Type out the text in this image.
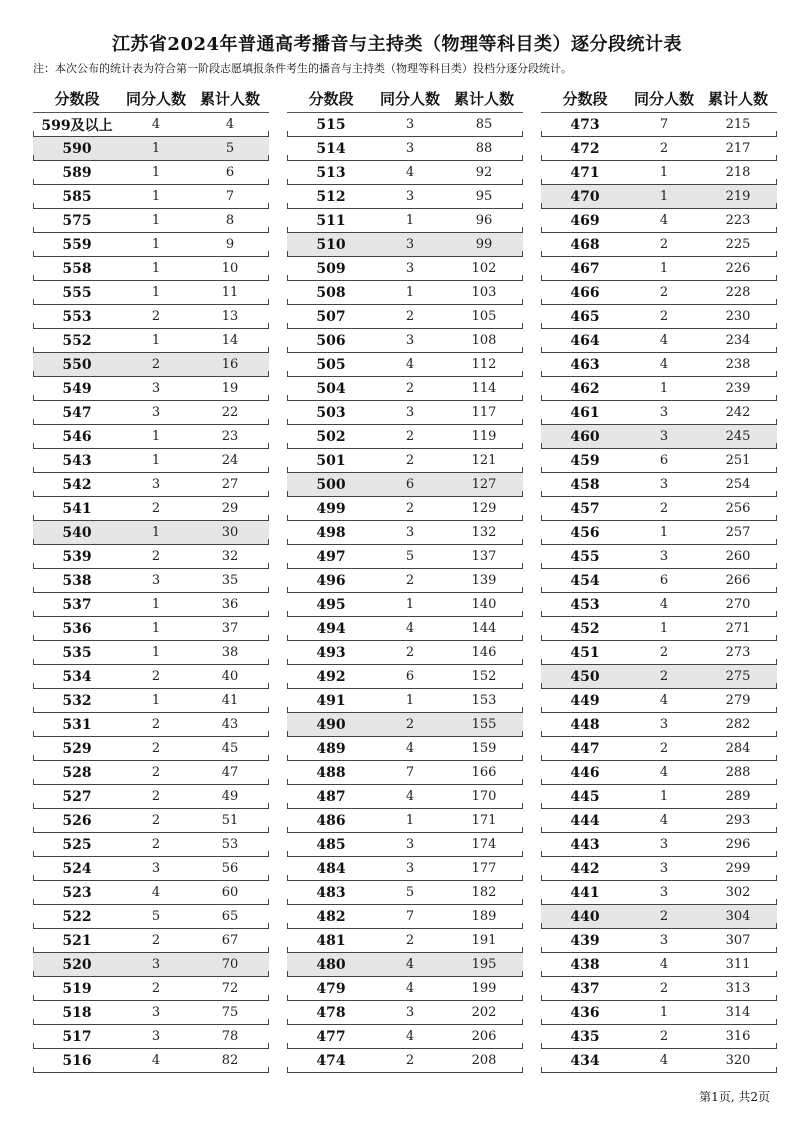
江苏省2024年普通高考播音与主持类（物理等科目类）逐分段统计表
注：本次公布的统计表为符合第一阶段志愿填报条件考生的播音与主持类（物理等科目类）投档分逐分段统计。
分数段	同分人数 累计人数
599及以上	4	4
590	1	5
589	1	6
585	1	7
575	1	8
559	1	9
558	1	10
555	1	11
553	2	13
552	1	14
550	2	16
549	3	19
547	3	22
546	1	23
543	1	24
542	3	27
541	2	29
540	1	30
539	2	32
538	3	35
537	1	36
536	1	37
535	1	38
534	2	40
532	1	41
531	2	43
529	2	45
528	2	47
527	2	49
526	2	51
525	2	53
524	3	56
523	4	60
522	5	65
521	2	67
520	3	70
519	2	72
518	3	75
517	3	78
516	4	82
分数段	同分人数 累计人数
515	3	85
514	3	88
513	4	92
512	3	95
511	1	96
510	3	99
509	3	102
508	1	103
507	2	105
506	3	108
505	4	112
504	2	114
503	3	117
502	2	119
501	2	121
500	6	127
499	2	129
498	3	132
497	5	137
496	2	139
495	1	140
494	4	144
493	2	146
492	6	152
491	1	153
490	2	155
489	4	159
488	7	166
487	4	170
486	1	171
485	3	174
484	3	177
483	5	182
482	7	189
481	2	191
480	4	195
479	4	199
478	3	202
477	4	206
474	2	208
分数段	同分人数 累计人数
473	7	215
472	2	217
471	1	218
470	1	219
469	4	223
468	2	225
467	1	226
466	2	228
465	2	230
464	4	234
463	4	238
462	1	239
461	3	242
460	3	245
459	6	251
458	3	254
457	2	256
456	1	257
455	3	260
454	6	266
453	4	270
452	1	271
451	2	273
450	2	275
449	4	279
448	3	282
447	2	284
446	4	288
445	1	289
444	4	293
443	3	296
442	3	299
441	3	302
440	2	304
439	3	307
438	4	311
437	2	313
436	1	314
435	2	316
434	4	320
第1页, 共2页
